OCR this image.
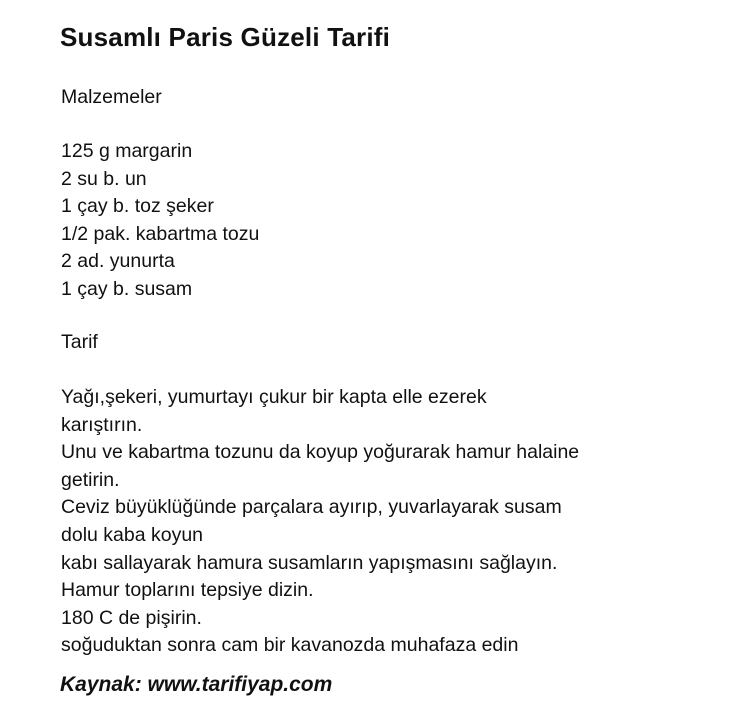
Susamlı Paris Güzeli Tarifi
Malzemeler
125 g margarin
2 su b. un
1 çay b. toz şeker
1/2 pak. kabartma tozu
2 ad. yunurta
1 çay b. susam
Tarif
Yağı,şekeri, yumurtayı çukur bir kapta elle ezerek
karıştırın.
Unu ve kabartma tozunu da koyup yoğurarak hamur halaine
getirin.
Ceviz büyüklüğünde parçalara ayırıp, yuvarlayarak susam
dolu kaba koyun
kabı sallayarak hamura susamların yapışmasını sağlayın.
Hamur toplarını tepsiye dizin.
180 C de pişirin.
soğuduktan sonra cam bir kavanozda muhafaza edin
Kaynak: www.tarifiyap.com
